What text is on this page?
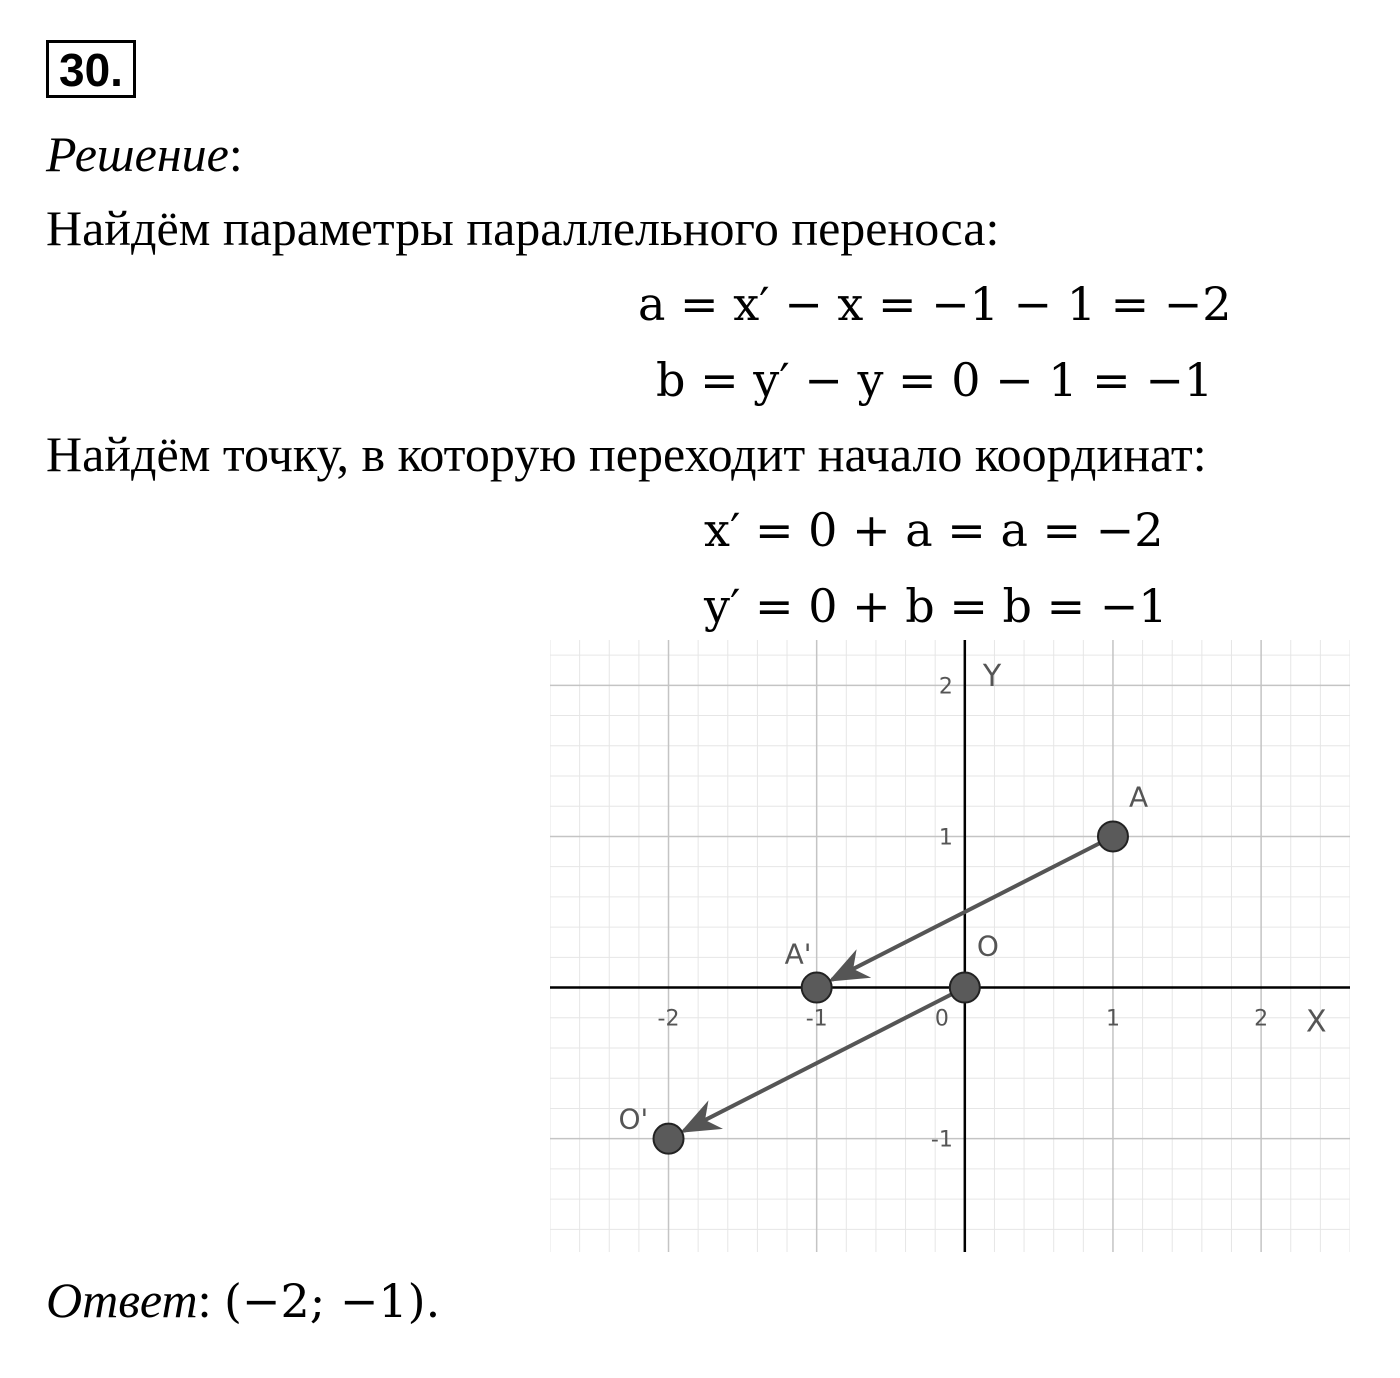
30.
Решение:
Найдём параметры параллельного переноса:
a = x′ − x = −1 − 1 = −2
b = y′ − y = 0 − 1 = −1
Найдём точку, в которую переходит начало координат:
x′ = 0 + a = a = −2
y′ = 0 + b = b = −1
X
Y
-2	-1	0	1	2
2
1
-1
A
A'	O
O'
Ответ: (−2; −1).
